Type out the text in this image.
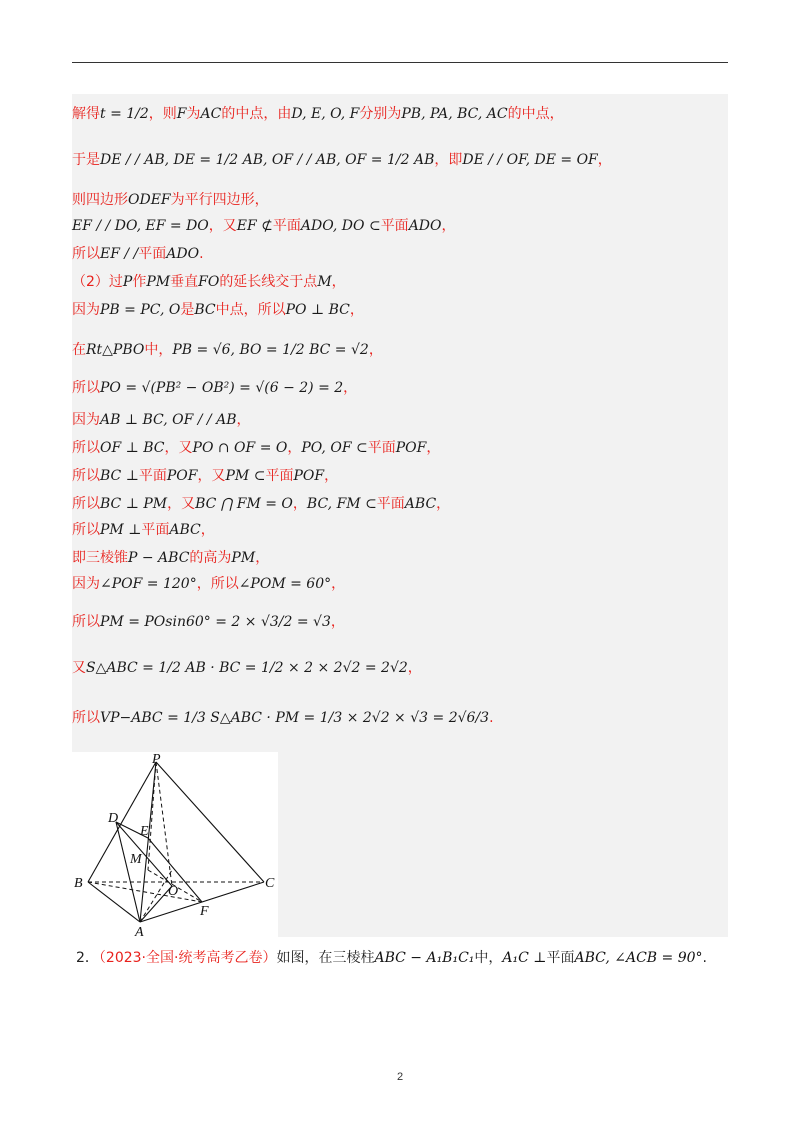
解得t = 1/2，则F为AC的中点，由D, E, O, F分别为PB, PA, BC, AC的中点，
于是DE / / AB, DE = 1/2 AB, OF / / AB, OF = 1/2 AB，即DE / / OF, DE = OF，
则四边形ODEF为平行四边形，
EF / / DO, EF = DO，又EF ⊄平面ADO, DO ⊂平面ADO，
所以EF / /平面ADO.
（2）过P作PM垂直FO的延长线交于点M，
因为PB = PC, O是BC中点，所以PO ⊥ BC，
在Rt△PBO中，PB = √6, BO = 1/2 BC = √2，
所以PO = √(PB² − OB²) = √(6 − 2) = 2，
因为AB ⊥ BC, OF / / AB，
所以OF ⊥ BC，又PO ∩ OF = O，PO, OF ⊂平面POF，
所以BC ⊥平面POF，又PM ⊂平面POF，
所以BC ⊥ PM，又BC ⋂ FM = O，BC, FM ⊂平面ABC，
所以PM ⊥平面ABC，
即三棱锥P − ABC的高为PM，
因为∠POF = 120°，所以∠POM = 60°，
所以PM = POsin60° = 2 × √3/2 = √3，
又S△ABC = 1/2 AB · BC = 1/2 × 2 × 2√2 = 2√2，
所以VP−ABC = 1/3 S△ABC · PM = 1/3 × 2√2 × √3 = 2√6/3.
P
D
E
M
B
O
C
F
A
2．（2023·全国·统考高考乙卷）如图，在三棱柱ABC − A₁B₁C₁中，A₁C ⊥平面ABC, ∠ACB = 90°.
2
